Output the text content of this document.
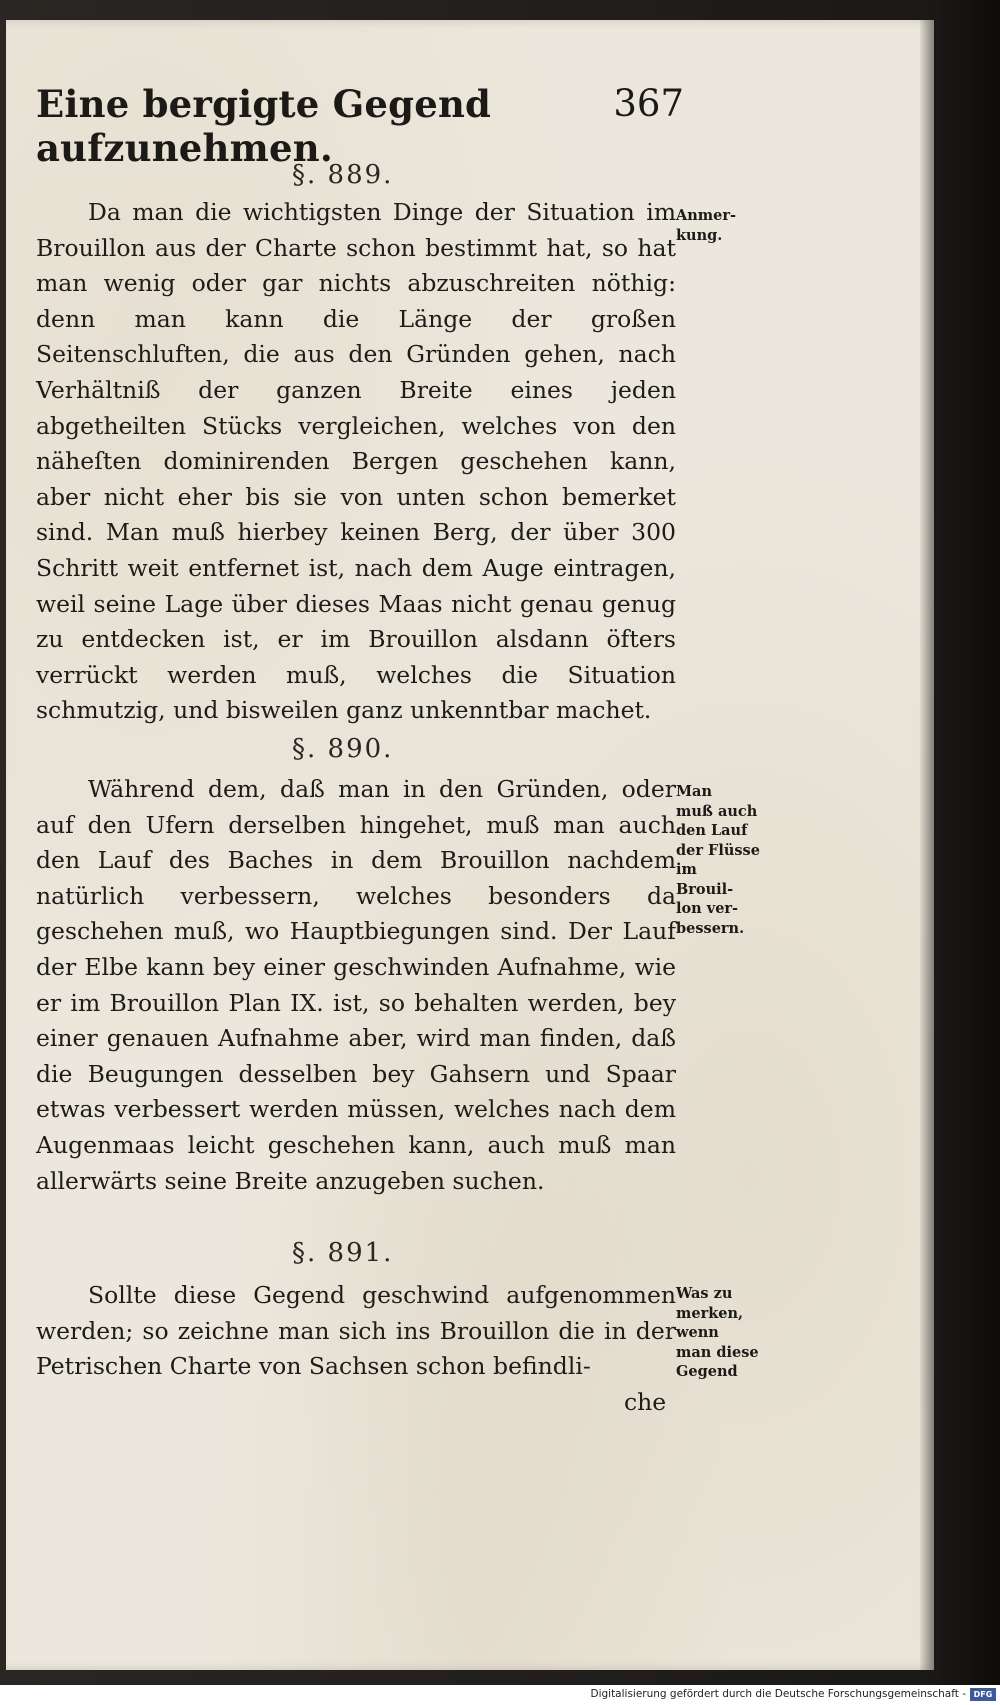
Eine bergigte Gegend aufzunehmen.
367
§. 889.

Da man die wichtigsten Dinge der Situation im Brouillon aus der Charte schon bestimmt hat, so hat man wenig oder gar nichts abzuschreiten nöthig: denn man kann die Länge der großen Seitenschluften, die aus den Gründen gehen, nach Verhältniß der ganzen Breite eines jeden abgetheilten Stücks vergleichen, welches von den näheſten dominirenden Bergen geschehen kann, aber nicht eher bis sie von unten schon bemerket sind. Man muß hierbey keinen Berg, der über 300 Schritt weit entfernet ist, nach dem Auge eintragen, weil seine Lage über dieses Maas nicht genau genug zu entdecken ist, er im Brouillon alsdann öfters verrückt werden muß, welches die Situation schmutzig, und bisweilen ganz unkenntbar machet.

Anmer-
kung.
§. 890.

Während dem, daß man in den Gründen, oder auf den Ufern derselben hingehet, muß man auch den Lauf des Baches in dem Brouillon nachdem natürlich verbessern, welches besonders da geschehen muß, wo Hauptbiegungen sind. Der Lauf der Elbe kann bey einer geschwinden Aufnahme, wie er im Brouillon Plan IX. ist, so behalten werden, bey einer genauen Aufnahme aber, wird man finden, daß die Beugungen desselben bey Gahsern und Spaar etwas verbessert werden müssen, welches nach dem Augenmaas leicht geschehen kann, auch muß man allerwärts seine Breite anzugeben suchen.

Man
muß auch
den Lauf
der Flüsse
im
Brouil-
lon ver-
bessern.
§. 891.

Sollte diese Gegend geschwind aufgenommen werden; so zeichne man sich ins Brouillon die in der Petrischen Charte von Sachsen schon befindli-

Was zu
merken,
wenn
man diese
Gegend
che
Digitalisierung gefördert durch die Deutsche Forschungsgemeinschaft - DFG
